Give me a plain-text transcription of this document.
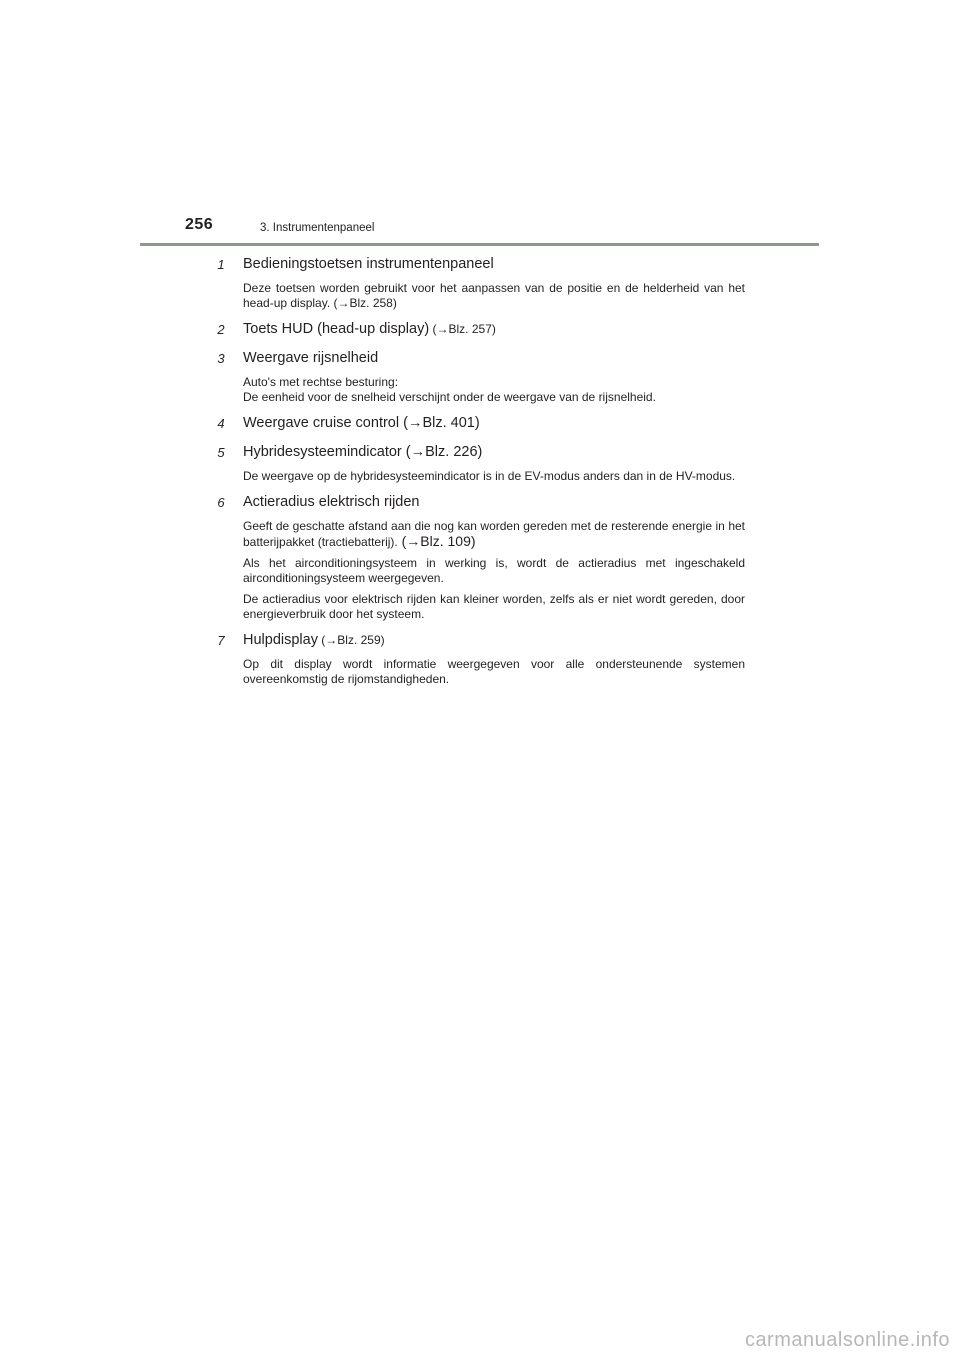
256	3. Instrumentenpaneel
1 Bedieningstoetsen instrumentenpaneel

Deze toetsen worden gebruikt voor het aanpassen van de positie en de helderheid van het head-up display. (→Blz. 258)

2 Toets HUD (head-up display) (→Blz. 257)

3 Weergave rijsnelheid

Auto's met rechtse besturing:
De eenheid voor de snelheid verschijnt onder de weergave van de rijsnelheid.

4 Weergave cruise control (→Blz. 401)

5 Hybridesysteemindicator (→Blz. 226)

De weergave op de hybridesysteemindicator is in de EV-modus anders dan in de HV-modus.

6 Actieradius elektrisch rijden

Geeft de geschatte afstand aan die nog kan worden gereden met de resterende energie in het batterijpakket (tractiebatterij). (→Blz. 109)

Als het airconditioningsysteem in werking is, wordt de actieradius met ingeschakeld airconditioningsysteem weergegeven.

De actieradius voor elektrisch rijden kan kleiner worden, zelfs als er niet wordt gereden, door energieverbruik door het systeem.

7 Hulpdisplay (→Blz. 259)

Op dit display wordt informatie weergegeven voor alle ondersteunende systemen overeenkomstig de rijomstandigheden.

carmanualsonline.info
